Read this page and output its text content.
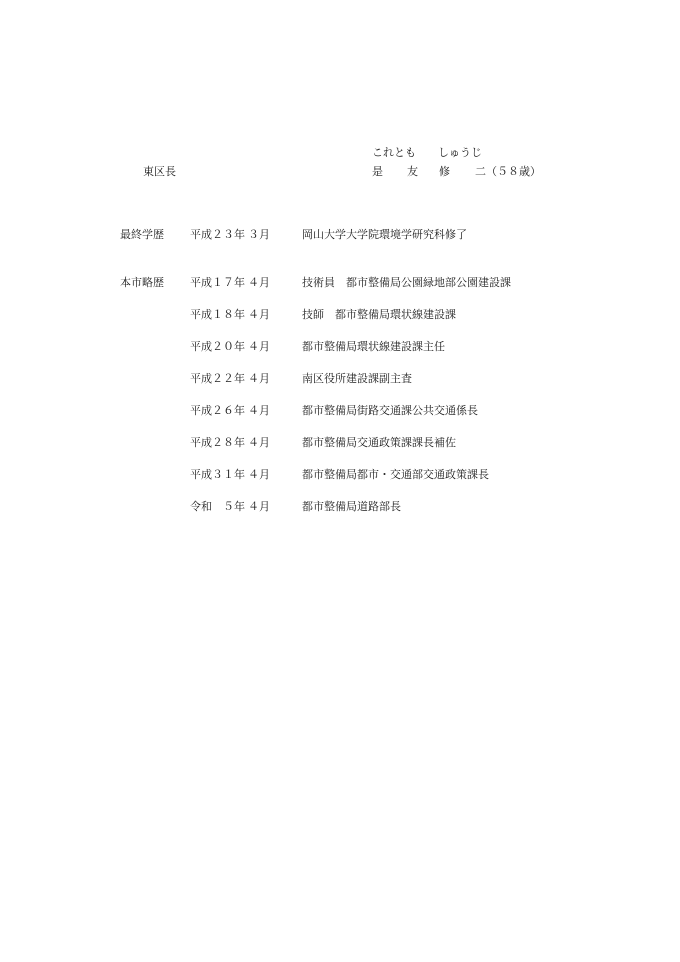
東区長
これとも しゅうじ
是 友 修 二（５８歳）
最終学歴 平成２３年 ３月	岡山大学大学院環境学研究科修了
本市略歴 平成１７年 ４月	技術員　都市整備局公園緑地部公園建設課
平成１８年 ４月	技師　都市整備局環状線建設課
平成２０年 ４月	都市整備局環状線建設課主任
平成２２年 ４月	南区役所建設課副主査
平成２６年 ４月	都市整備局街路交通課公共交通係長
平成２８年 ４月	都市整備局交通政策課課長補佐
平成３１年 ４月	都市整備局都市・交通部交通政策課長
令和　５年 ４月	都市整備局道路部長
